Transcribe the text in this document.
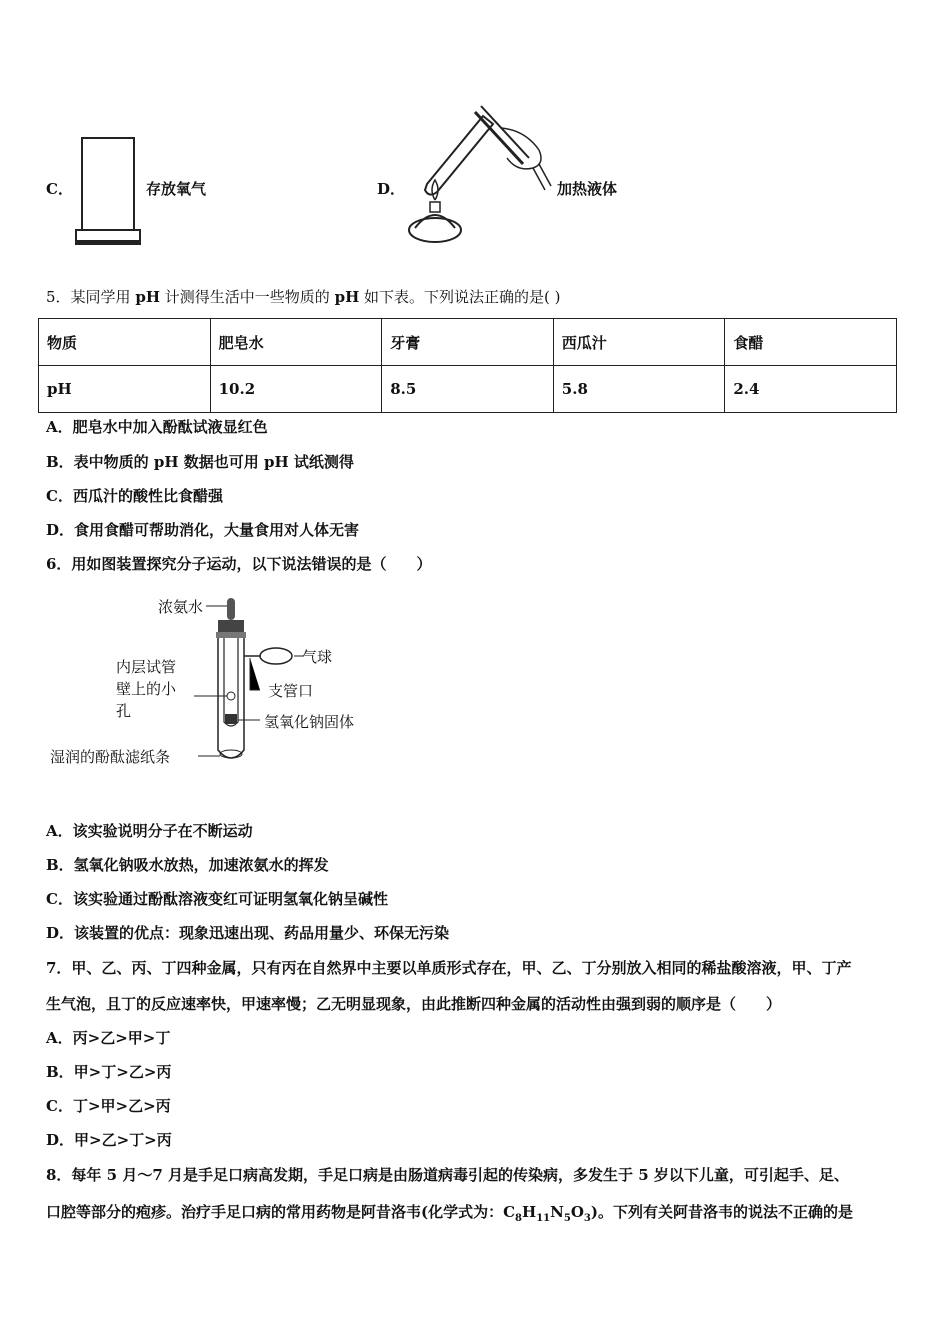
C．	存放氧气	D．	加热液体
5．某同学用 pH 计测得生活中一些物质的 pH 如下表。下列说法正确的是( )
物质	肥皂水	牙膏	西瓜汁	食醋
pH	10.2	8.5	5.8	2.4
A．肥皂水中加入酚酞试液显红色
B．表中物质的 pH 数据也可用 pH 试纸测得
C．西瓜汁的酸性比食醋强
D．食用食醋可帮助消化，大量食用对人体无害
6．用如图装置探究分子运动，以下说法错误的是（　　）
浓氨水
气球
内层试管
壁上的小
孔
支管口
氢氧化钠固体
湿润的酚酞滤纸条
A．该实验说明分子在不断运动
B．氢氧化钠吸水放热，加速浓氨水的挥发
C．该实验通过酚酞溶液变红可证明氢氧化钠呈碱性
D．该装置的优点：现象迅速出现、药品用量少、环保无污染
7．甲、乙、丙、丁四种金属，只有丙在自然界中主要以单质形式存在，甲、乙、丁分别放入相同的稀盐酸溶液，甲、丁产
生气泡，且丁的反应速率快，甲速率慢；乙无明显现象，由此推断四种金属的活动性由强到弱的顺序是（　　）
A．丙>乙>甲>丁
B．甲>丁>乙>丙
C．丁>甲>乙>丙
D．甲>乙>丁>丙
8．每年 5 月～7 月是手足口病高发期，手足口病是由肠道病毒引起的传染病，多发生于 5 岁以下儿童，可引起手、足、
口腔等部分的疱疹。治疗手足口病的常用药物是阿昔洛韦(化学式为：$C_8H_{11}N_5O_3$)。下列有关阿昔洛韦的说法不正确的是
